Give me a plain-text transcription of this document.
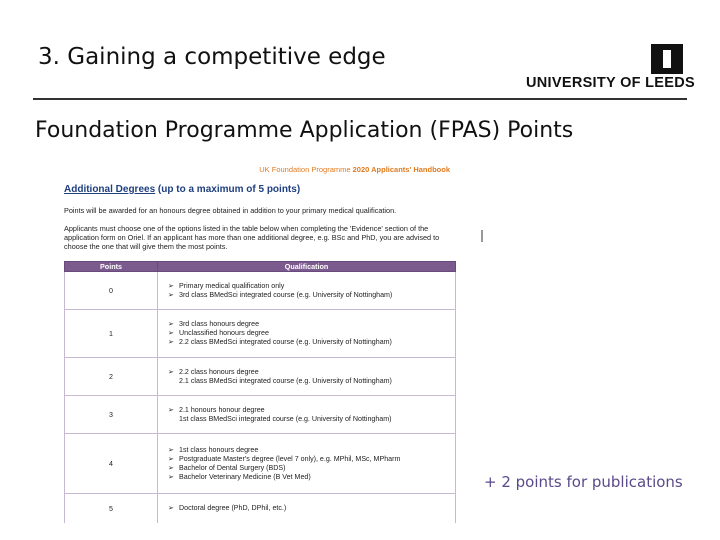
3. Gaining a competitive edge
UNIVERSITY OF LEEDS
Foundation Programme Application (FPAS) Points
UK Foundation Programme 2020 Applicants' Handbook
Additional Degrees (up to a maximum of 5 points)
Points will be awarded for an honours degree obtained in addition to your primary medical qualification.
Applicants must choose one of the options listed in the table below when completing the 'Evidence' section of the application form on Oriel. If an applicant has more than one additional degree, e.g. BSc and PhD, you are advised to choose the one that will give them the most points.
Points	Qualification
0	➢ Primary medical qualification only
➢ 3rd class BMedSci integrated course (e.g. University of Nottingham)

1	➢ 3rd class honours degree
➢ Unclassified honours degree
➢ 2.2 class BMedSci integrated course (e.g. University of Nottingham)

2	➢ 2.2 class honours degree
2.1 class BMedSci integrated course (e.g. University of Nottingham)

3	➢ 2.1 honours honour degree
1st class BMedSci integrated course (e.g. University of Nottingham)

4	➢ 1st class honours degree
➢ Postgraduate Master's degree (level 7 only), e.g. MPhil, MSc, MPharm
➢ Bachelor of Dental Surgery (BDS)
➢ Bachelor Veterinary Medicine (B Vet Med)

5	➢ Doctoral degree (PhD, DPhil, etc.)
+ 2 points for publications
